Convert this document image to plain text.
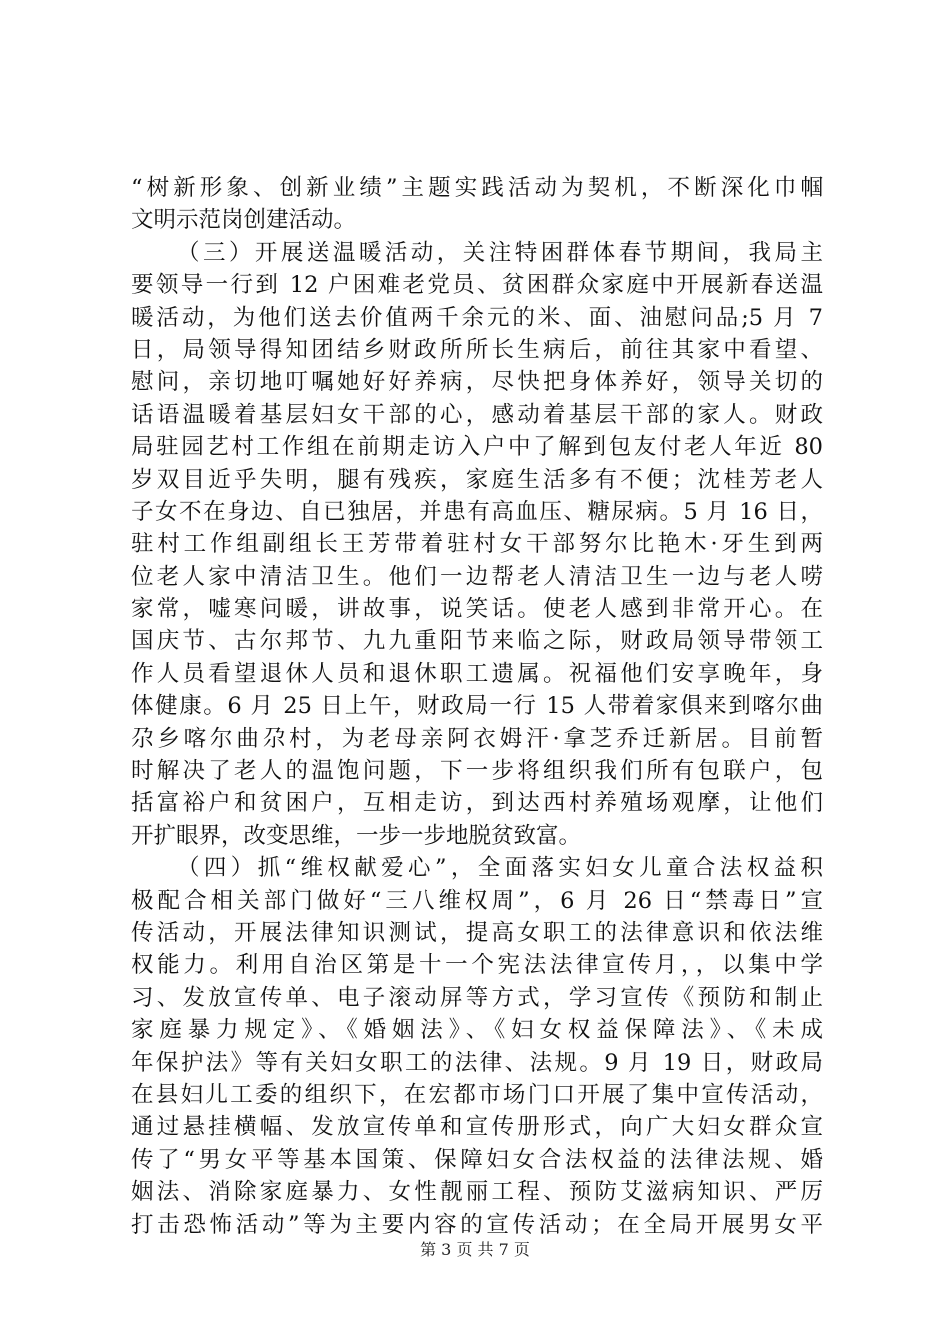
“树新形象、创新业绩”主题实践活动为契机，不断深化巾帼
文明示范岗创建活动。
（三）开展送温暖活动，关注特困群体春节期间，我局主
要领导一行到 12 户困难老党员、贫困群众家庭中开展新春送温
暖活动，为他们送去价值两千余元的米、面、油慰问品;5 月 7
日，局领导得知团结乡财政所所长生病后，前往其家中看望、
慰问，亲切地叮嘱她好好养病，尽快把身体养好，领导关切的
话语温暖着基层妇女干部的心，感动着基层干部的家人。财政
局驻园艺村工作组在前期走访入户中了解到包友付老人年近 80
岁双目近乎失明，腿有残疾，家庭生活多有不便；沈桂芳老人
子女不在身边、自已独居，并患有高血压、糖尿病。5 月 16 日，
驻村工作组副组长王芳带着驻村女干部努尔比艳木·牙生到两
位老人家中清洁卫生。他们一边帮老人清洁卫生一边与老人唠
家常，嘘寒问暖，讲故事，说笑话。使老人感到非常开心。在
国庆节、古尔邦节、九九重阳节来临之际，财政局领导带领工
作人员看望退休人员和退休职工遗属。祝福他们安享晚年，身
体健康。6 月 25 日上午，财政局一行 15 人带着家俱来到喀尔曲
尕乡喀尔曲尕村，为老母亲阿衣姆汗·拿芝乔迁新居。目前暂
时解决了老人的温饱问题，下一步将组织我们所有包联户，包
括富裕户和贫困户，互相走访，到达西村养殖场观摩，让他们
开扩眼界，改变思维，一步一步地脱贫致富。
（四）抓“维权献爱心”，全面落实妇女儿童合法权益积
极配合相关部门做好“三八维权周”，6 月 26 日“禁毒日”宣
传活动，开展法律知识测试，提高女职工的法律意识和依法维
权能力。利用自治区第是十一个宪法法律宣传月，，以集中学
习、发放宣传单、电子滚动屏等方式，学习宣传《预防和制止
家庭暴力规定》、《婚姻法》、《妇女权益保障法》、《未成
年保护法》等有关妇女职工的法律、法规。9 月 19 日，财政局
在县妇儿工委的组织下，在宏都市场门口开展了集中宣传活动，
通过悬挂横幅、发放宣传单和宣传册形式，向广大妇女群众宣
传了“男女平等基本国策、保障妇女合法权益的法律法规、婚
姻法、消除家庭暴力、女性靓丽工程、预防艾滋病知识、严厉
打击恐怖活动”等为主要内容的宣传活动；在全局开展男女平
第 3 页 共 7 页
